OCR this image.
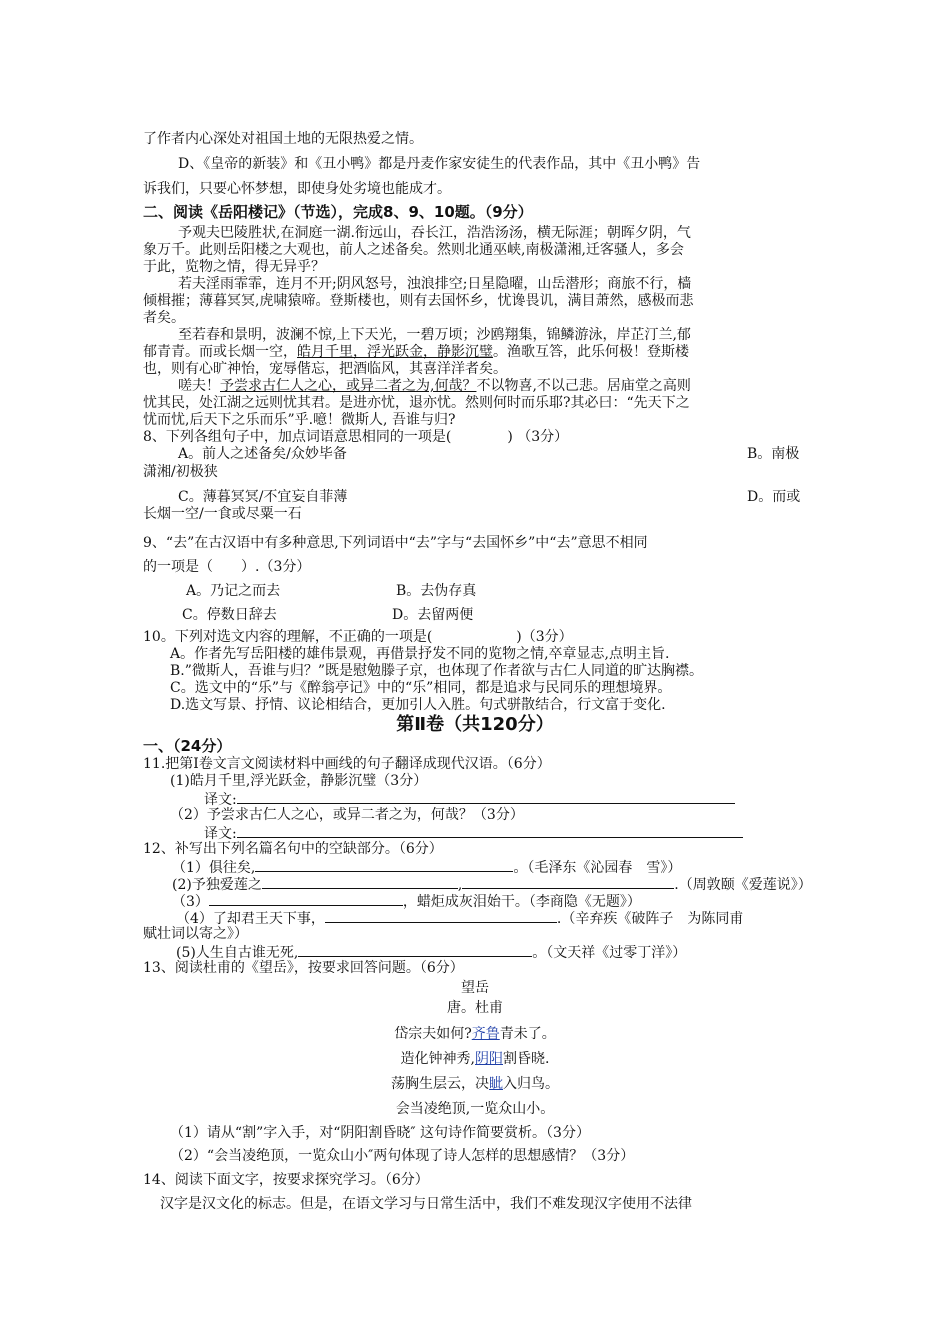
了作者内心深处对祖国土地的无限热爱之情。
D、《皇帝的新装》和《丑小鸭》都是丹麦作家安徒生的代表作品，其中《丑小鸭》告
诉我们，只要心怀梦想，即使身处劣境也能成才。
二、阅读《岳阳楼记》（节选），完成8、9、10题。（9分）
予观夫巴陵胜状,在洞庭一湖.衔远山，吞长江，浩浩汤汤，横无际涯；朝晖夕阴，气
象万千。此则岳阳楼之大观也，前人之述备矣。然则北通巫峡,南极潇湘,迁客骚人，多会
于此，览物之情，得无异乎？
若夫淫雨霏霏，连月不开;阴风怒号，浊浪排空;日星隐曜，山岳潜形；商旅不行，樯
倾楫摧；薄暮冥冥,虎啸猿啼。登斯楼也，则有去国怀乡，忧谗畏讥，满目萧然，感极而悲
者矣。
至若春和景明，波澜不惊,上下天光，一碧万顷；沙鸥翔集，锦鳞游泳，岸芷汀兰,郁
郁青青。而或长烟一空，皓月千里，浮光跃金，静影沉璧。渔歌互答，此乐何极！登斯楼
也，则有心旷神怡，宠辱偕忘，把酒临风，其喜洋洋者矣。
嗟夫！予尝求古仁人之心，或异二者之为,何哉？不以物喜,不以己悲。居庙堂之高则
忧其民，处江湖之远则忧其君。是进亦忧，退亦忧。然则何时而乐耶?其必曰：“先天下之
忧而忧,后天下之乐而乐”乎.噫！微斯人, 吾谁与归?
8、下列各组句子中，加点词语意思相同的一项是(　　　　) （3分）
A。前人之述备矣/众妙毕备	B。南极
潇湘/初极狭
C。薄暮冥冥/不宜妄自菲薄	D。而或
长烟一空/一食或尽粟一石
9、“去”在古汉语中有多种意思,下列词语中“去”字与“去国怀乡”中“去”意思不相同
的一项是（　　）.（3分）
A。乃记之而去	B。去伪存真
C。停数日辞去	D。去留两便
10。下列对选文内容的理解，不正确的一项是(　　　　　　)（3分）
A。作者先写岳阳楼的雄伟景观，再借景抒发不同的览物之情,卒章显志,点明主旨.
B.”微斯人，吾谁与归？”既是慰勉滕子京，也体现了作者欲与古仁人同道的旷达胸襟。
C。选文中的“乐”与《醉翁亭记》中的“乐”相同，都是追求与民同乐的理想境界。
D.选文写景、抒情、议论相结合，更加引人入胜。句式骈散结合，行文富于变化.
第Ⅱ卷（共120分）
一、（24分）
11.把第Ⅰ卷文言文阅读材料中画线的句子翻译成现代汉语。（6分）
(1)皓月千里,浮光跃金，静影沉璧（3分）
译文:
（2）予尝求古仁人之心，或异二者之为，何哉？（3分）
译文:
12、补写出下列名篇名句中的空缺部分。（6分）
（1）俱往矣,	。（毛泽东《沁园春　雪》）
(2)予独爱莲之	,	.（周敦颐《爱莲说》）
（3）	，蜡炬成灰泪始干。（李商隐《无题》）
（4）了却君王天下事，	.（辛弃疾《破阵子　为陈同甫
赋壮词以寄之》）
(5)人生自古谁无死,	。（文天祥《过零丁洋》）
13、阅读杜甫的《望岳》，按要求回答问题。（6分）
望岳
唐。杜甫
岱宗夫如何?齐鲁青未了。
造化钟神秀,阴阳割昏晓.
荡胸生层云，决眦入归鸟。
会当凌绝顶,一览众山小。
（1）请从“割”字入手，对“阴阳割昏晓″ 这句诗作简要赏析。（3分）
（2）“会当凌绝顶，一览众山小″两句体现了诗人怎样的思想感情？（3分）
14、阅读下面文字，按要求探究学习。（6分）
汉字是汉文化的标志。但是，在语文学习与日常生活中，我们不难发现汉字使用不法律
